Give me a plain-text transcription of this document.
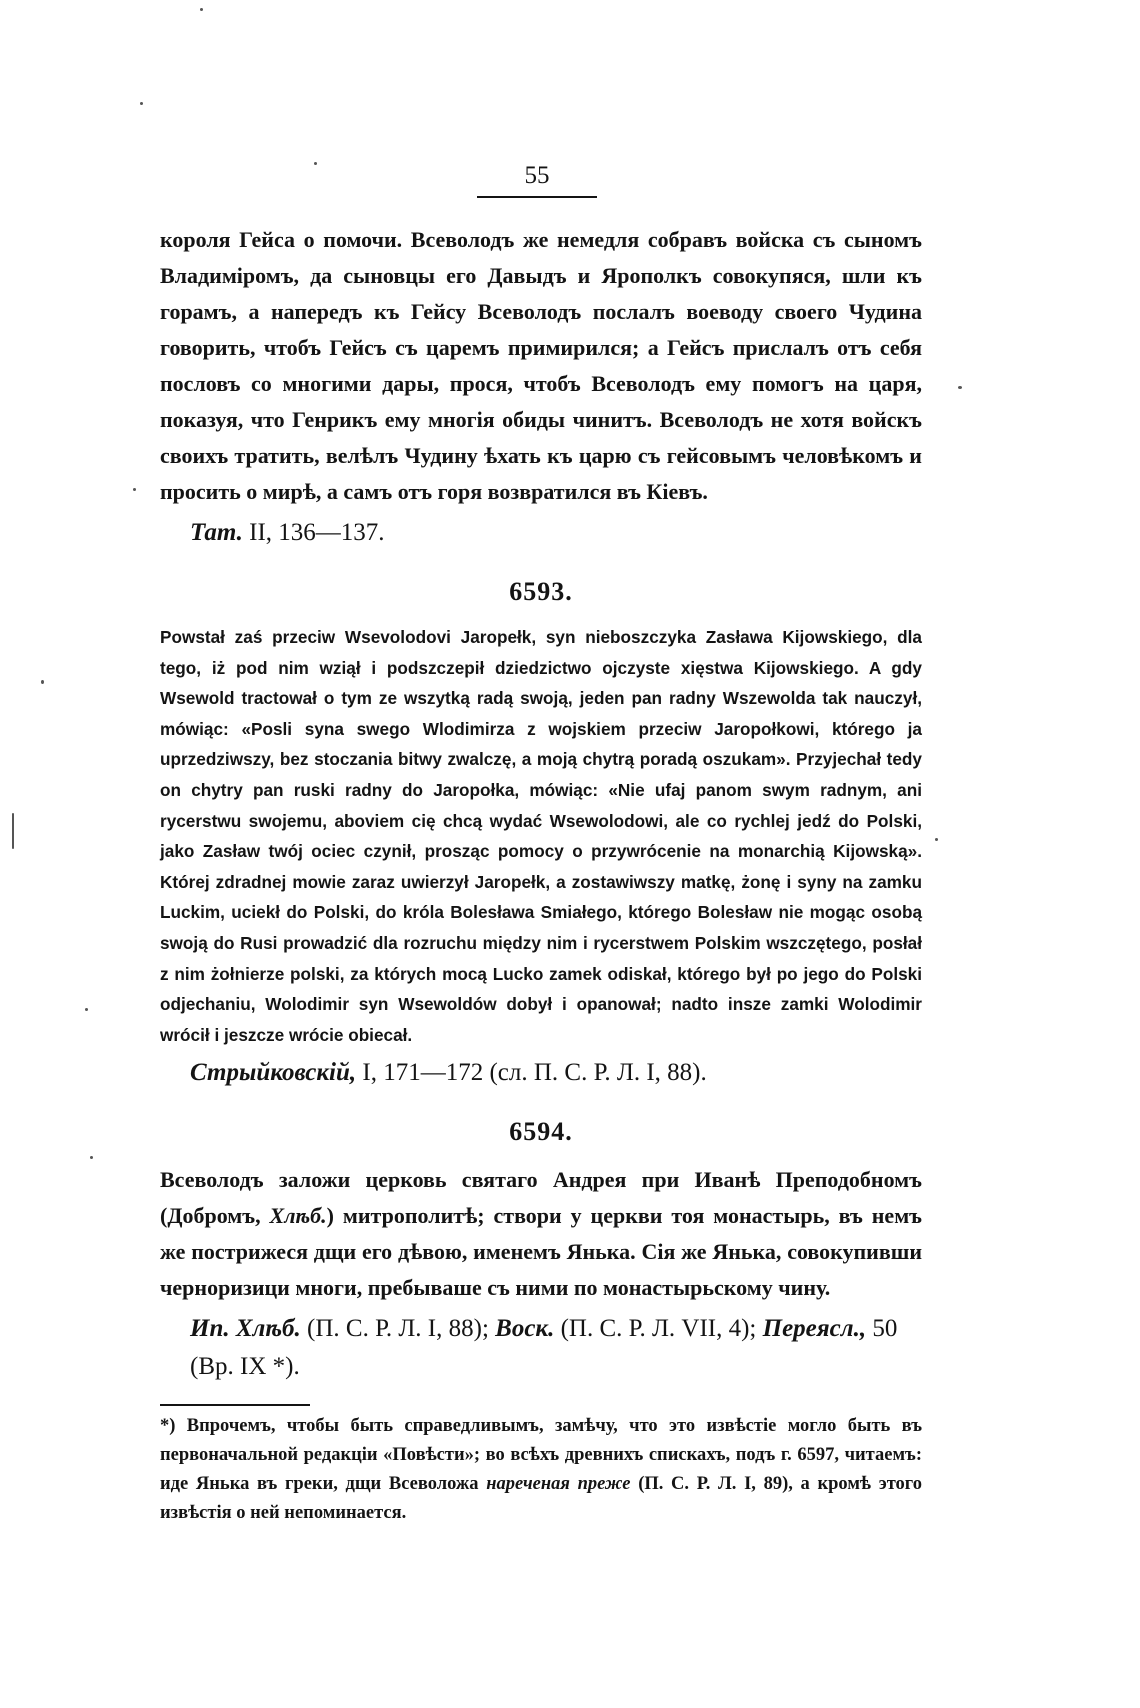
55
короля Гейса о помочи. Всеволодъ же немедля собравъ войска съ сыномъ Владиміромъ, да сыновцы его Давыдъ и Ярополкъ совокупяся, шли къ горамъ, а напередъ къ Гейсу Всеволодъ послалъ воеводу своего Чудина говорить, чтобъ Гейсъ съ царемъ примирился; а Гейсъ прислалъ отъ себя пословъ со многими дары, прося, чтобъ Всеволодъ ему помогъ на царя, показуя, что Генрикъ ему многія обиды чинитъ. Всеволодъ не хотя войскъ своихъ тратить, велѣлъ Чудину ѣхать къ царю съ гейсовымъ человѣкомъ и просить о мирѣ, а самъ отъ горя возвратился въ Кіевъ.
Тат. II, 136—137.
6593.
Powstał zaś przeciw Wsevolodovi Jaropełk, syn nieboszczyka Zasława Kijowskiego, dla tego, iż pod nim wziął i podszczepił dziedzictwo ojczyste xięstwa Kijowskiego. A gdy Wsewold tractował o tym ze wszytką radą swoją, jeden pan radny Wszewolda tak nauczył, mówiąc: «Posli syna swego Wlodimirza z wojskiem przeciw Jaropołkowi, którego ja uprzedziwszy, bez stoczania bitwy zwalczę, a moją chytrą poradą oszukam». Przyjechał tedy on chytry pan ruski radny do Jaropołka, mówiąc: «Nie ufaj panom swym radnym, ani rycerstwu swojemu, aboviem cię chcą wydać Wsewolodowi, ale co rychlej jedź do Polski, jako Zasław twój ociec czynił, prosząc pomocy o przywrócenie na monarchią Kijowską». Której zdradnej mowie zaraz uwierzył Jaropełk, a zostawiwszy matkę, żonę i syny na zamku Luckim, uciekł do Polski, do króla Bolesława Smiałego, którego Bolesław nie mogąc osobą swoją do Rusi prowadzić dla rozruchu między nim i rycerstwem Polskim wszczętego, posłał z nim żołnierze polski, za których mocą Lucko zamek odiskał, którego był po jego do Polski odjechaniu, Wolodimir syn Wsewoldów dobył i opanował; nadto insze zamki Wolodimir wrócił i jeszcze wrócie obiecał.
Стрыйковскій, I, 171—172 (сл. П. С. Р. Л. I, 88).
6594.
Всеволодъ заложи церковь святаго Андрея при Иванѣ Преподобномъ (Добромъ, Хлѣб.) митрополитѣ; створи у церкви тоя монастырь, въ немъ же пострижеся дщи его дѣвою, именемъ Янька. Сія же Янька, совокупивши черноризици многи, пребываше съ ними по монастырьскому чину.
Ип. Хлѣб. (П. С. Р. Л. I, 88); Воск. (П. С. Р. Л. VII, 4); Переясл., 50 (Вр. IX *).
*) Впрочемъ, чтобы быть справедливымъ, замѣчу, что это извѣстіе могло быть въ первоначальной редакціи «Повѣсти»; во всѣхъ древнихъ спискахъ, подъ г. 6597, читаемъ: иде Янька въ греки, дщи Всеволожа нареченая преже (П. С. Р. Л. I, 89), а кромѣ этого извѣстія о ней непоминается.
